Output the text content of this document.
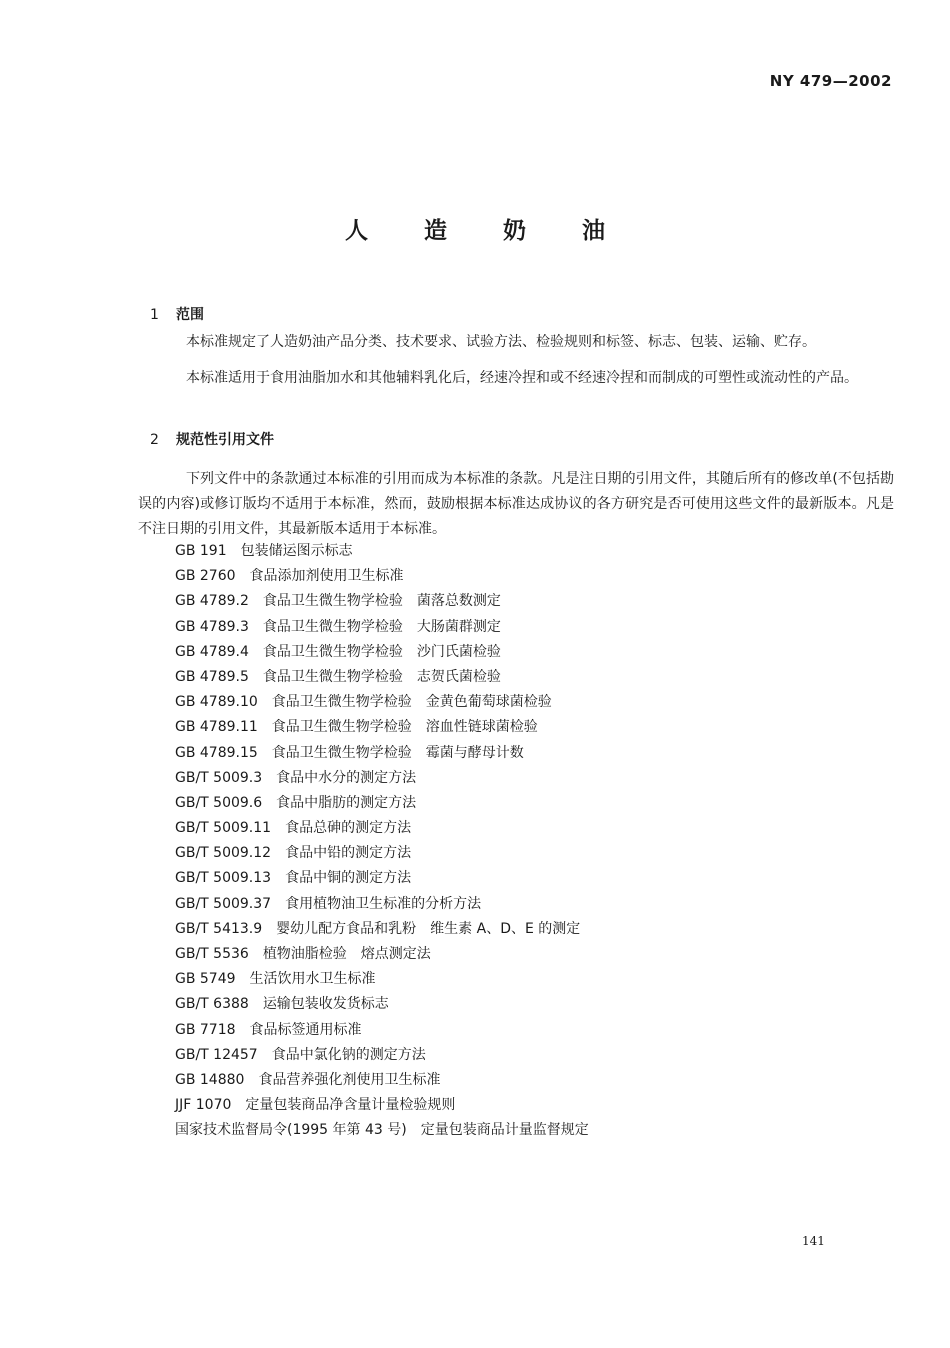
NY 479—2002
人 造 奶 油
1 范围

本标准规定了人造奶油产品分类、技术要求、试验方法、检验规则和标签、标志、包装、运输、贮存。

本标准适用于食用油脂加水和其他辅料乳化后，经速冷捏和或不经速冷捏和而制成的可塑性或流动性的产品。

2 规范性引用文件

下列文件中的条款通过本标准的引用而成为本标准的条款。凡是注日期的引用文件，其随后所有的修改单(不包括勘误的内容)或修订版均不适用于本标准，然而，鼓励根据本标准达成协议的各方研究是否可使用这些文件的最新版本。凡是不注日期的引用文件，其最新版本适用于本标准。

GB 191 包装储运图示标志
GB 2760 食品添加剂使用卫生标准
GB 4789.2 食品卫生微生物学检验　菌落总数测定
GB 4789.3 食品卫生微生物学检验　大肠菌群测定
GB 4789.4 食品卫生微生物学检验　沙门氏菌检验
GB 4789.5 食品卫生微生物学检验　志贺氏菌检验
GB 4789.10 食品卫生微生物学检验　金黄色葡萄球菌检验
GB 4789.11 食品卫生微生物学检验　溶血性链球菌检验
GB 4789.15 食品卫生微生物学检验　霉菌与酵母计数
GB/T 5009.3 食品中水分的测定方法
GB/T 5009.6 食品中脂肪的测定方法
GB/T 5009.11 食品总砷的测定方法
GB/T 5009.12 食品中铅的测定方法
GB/T 5009.13 食品中铜的测定方法
GB/T 5009.37 食用植物油卫生标准的分析方法
GB/T 5413.9 婴幼儿配方食品和乳粉　维生素 A、D、E 的测定
GB/T 5536 植物油脂检验　熔点测定法
GB 5749 生活饮用水卫生标准
GB/T 6388 运输包装收发货标志
GB 7718 食品标签通用标准
GB/T 12457 食品中氯化钠的测定方法
GB 14880 食品营养强化剂使用卫生标准
JJF 1070 定量包装商品净含量计量检验规则
国家技术监督局令(1995 年第 43 号) 定量包装商品计量监督规定
141
